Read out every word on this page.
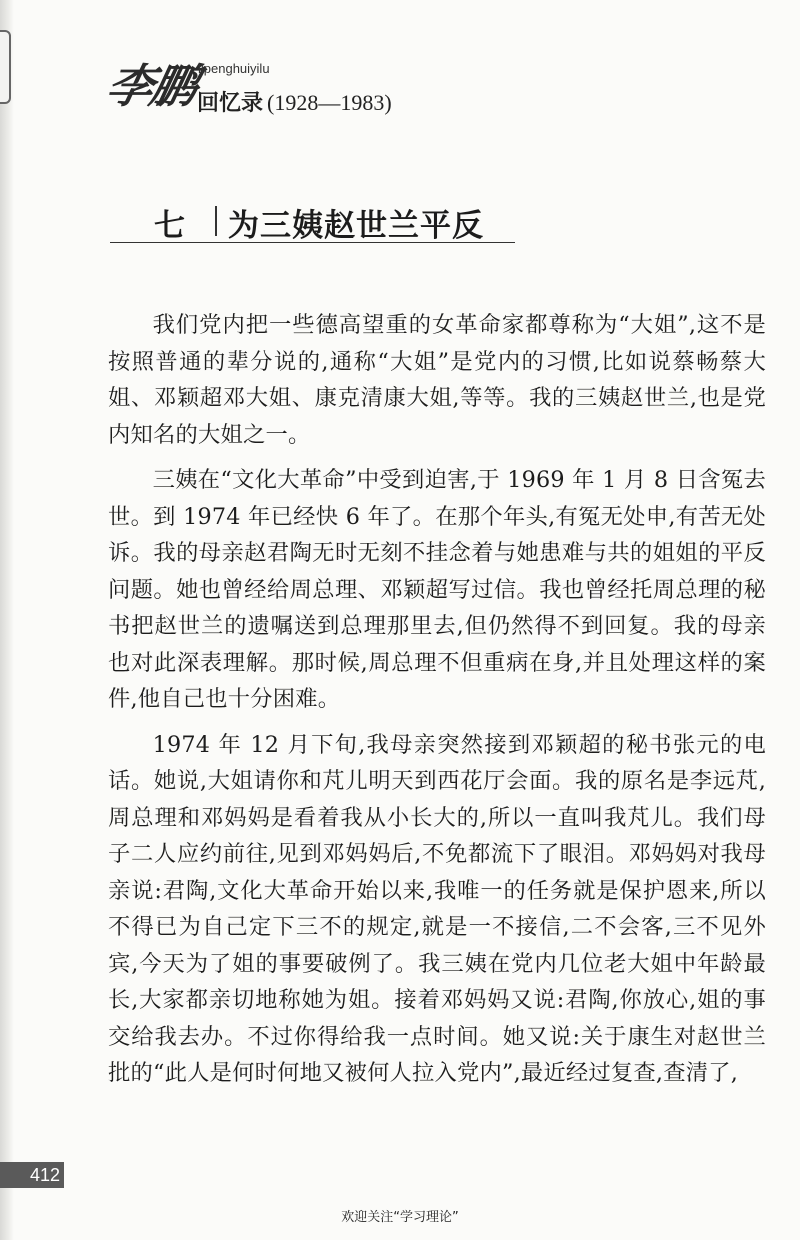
李鹏
lipenghuiyilu
回忆录 (1928—1983)
七 为三姨赵世兰平反

我们党内把一些德高望重的女革命家都尊称为“大姐”,这不是按照普通的辈分说的,通称“大姐”是党内的习惯,比如说蔡畅蔡大姐、邓颖超邓大姐、康克清康大姐,等等。我的三姨赵世兰,也是党内知名的大姐之一。

三姨在“文化大革命”中受到迫害,于 1969 年 1 月 8 日含冤去世。到 1974 年已经快 6 年了。在那个年头,有冤无处申,有苦无处诉。我的母亲赵君陶无时无刻不挂念着与她患难与共的姐姐的平反问题。她也曾经给周总理、邓颖超写过信。我也曾经托周总理的秘书把赵世兰的遗嘱送到总理那里去,但仍然得不到回复。我的母亲也对此深表理解。那时候,周总理不但重病在身,并且处理这样的案件,他自己也十分困难。

1974 年 12 月下旬,我母亲突然接到邓颖超的秘书张元的电话。她说,大姐请你和芃儿明天到西花厅会面。我的原名是李远芃,周总理和邓妈妈是看着我从小长大的,所以一直叫我芃儿。我们母子二人应约前往,见到邓妈妈后,不免都流下了眼泪。邓妈妈对我母亲说:君陶,文化大革命开始以来,我唯一的任务就是保护恩来,所以不得已为自己定下三不的规定,就是一不接信,二不会客,三不见外宾,今天为了姐的事要破例了。我三姨在党内几位老大姐中年龄最长,大家都亲切地称她为姐。接着邓妈妈又说:君陶,你放心,姐的事交给我去办。不过你得给我一点时间。她又说:关于康生对赵世兰批的“此人是何时何地又被何人拉入党内”,最近经过复查,查清了,

412
欢迎关注“学习理论”
